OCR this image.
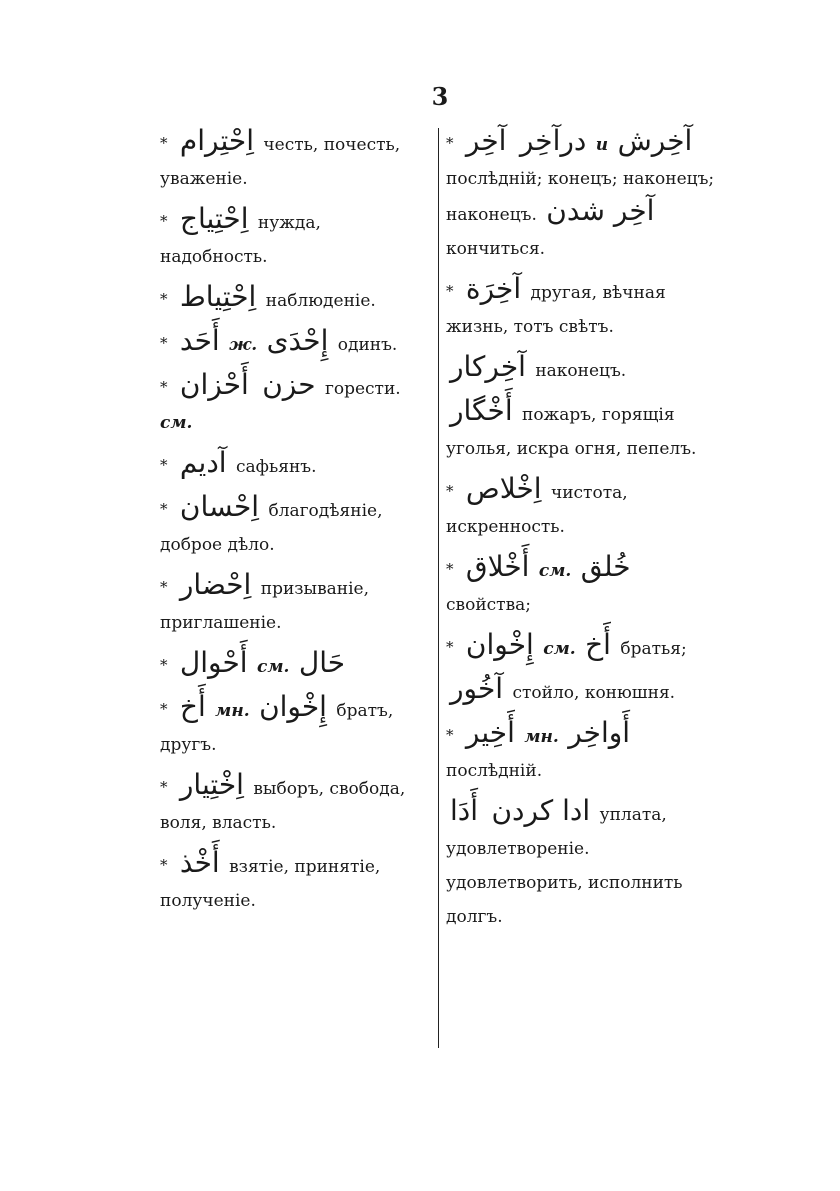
3

* اِحْتِرام честь, почесть, уваженіе.

* اِحْتِياج нужда, надобность.

* اِحْتِياط наблюденіе.

* أَحَد ж. إِحْدَى одинъ.

* أَحْزان حزن горести. см.

* آديم сафьянъ.

* اِحْسان благодѣяніе, доброе дѣло.

* اِحْضار призываніе, приглашеніе.

* أَحْوال см. حَال

* أَخ мн. إِخْوان братъ, другъ.

* اِخْتِيار выборъ, свобода, воля, власть.

* أَخْذ взятіе, принятіе, полученіе.

* آخِر درآخِر и آخِرش послѣдній; конецъ; наконецъ; наконецъ. آخِر شدن кончиться.

* آخِرَة другая, вѣчная жизнь, тотъ свѣтъ.

آخِركار наконецъ.

أَخْگار пожаръ, горящія уголья, искра огня, пепелъ.

* اِخْلاص чистота, искренность.

* أَخْلاق см. خُلق свойства;

* إِخْوان см. أَخ братья;

آخُور стойло, конюшня.

* أَخِير мн. أَواخِر послѣдній.

أَدَا ادا كردن уплата, удовлетвореніе. удовлетворить, исполнить долгъ.
